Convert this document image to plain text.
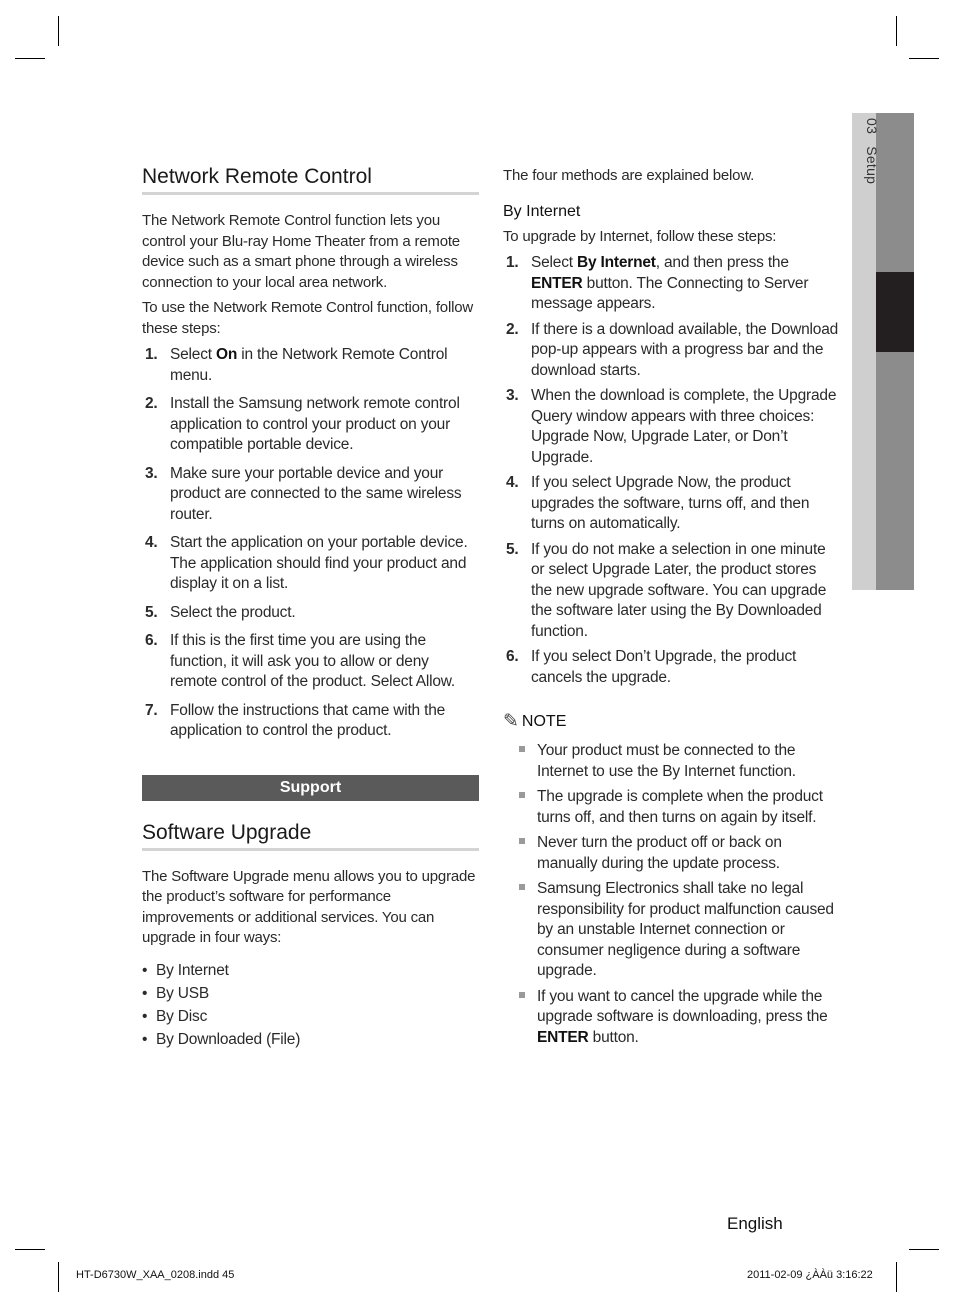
03Setup
Network Remote Control

The Network Remote Control function lets you control your Blu-ray Home Theater from a remote device such as a smart phone through a wireless connection to your local area network.

To use the Network Remote Control function, follow these steps:

1. Select On in the Network Remote Control menu.
2. Install the Samsung network remote control application to control your product on your compatible portable device.
3. Make sure your portable device and your product are connected to the same wireless router.
4. Start the application on your portable device. The application should find your product and display it on a list.
5. Select the product.
6. If this is the first time you are using the function, it will ask you to allow or deny remote control of the product. Select Allow.
7. Follow the instructions that came with the application to control the product.
Support
Software Upgrade

The Software Upgrade menu allows you to upgrade the product’s software for performance improvements or additional services. You can upgrade in four ways:

• By Internet
• By USB
• By Disc
• By Downloaded (File)

The four methods are explained below.

By Internet

To upgrade by Internet, follow these steps:

1. Select By Internet, and then press the ENTER button. The Connecting to Server message appears.
2. If there is a download available, the Download pop-up appears with a progress bar and the download starts.
3. When the download is complete, the Upgrade Query window appears with three choices: Upgrade Now, Upgrade Later, or Don’t Upgrade.
4. If you select Upgrade Now, the product upgrades the software, turns off, and then turns on automatically.
5. If you do not make a selection in one minute or select Upgrade Later, the product stores the new upgrade software. You can upgrade the software later using the By Downloaded function.
6. If you select Don’t Upgrade, the product cancels the upgrade.
✎ NOTE
Your product must be connected to the Internet to use the By Internet function.
The upgrade is complete when the product turns off, and then turns on again by itself.
Never turn the product off or back on manually during the update process.
Samsung Electronics shall take no legal responsibility for product malfunction caused by an unstable Internet connection or consumer negligence during a software upgrade.
If you want to cancel the upgrade while the upgrade software is downloading, press the ENTER button.
English
HT-D6730W_XAA_0208.indd 45	2011-02-09 ¿ÀÀü 3:16:22
